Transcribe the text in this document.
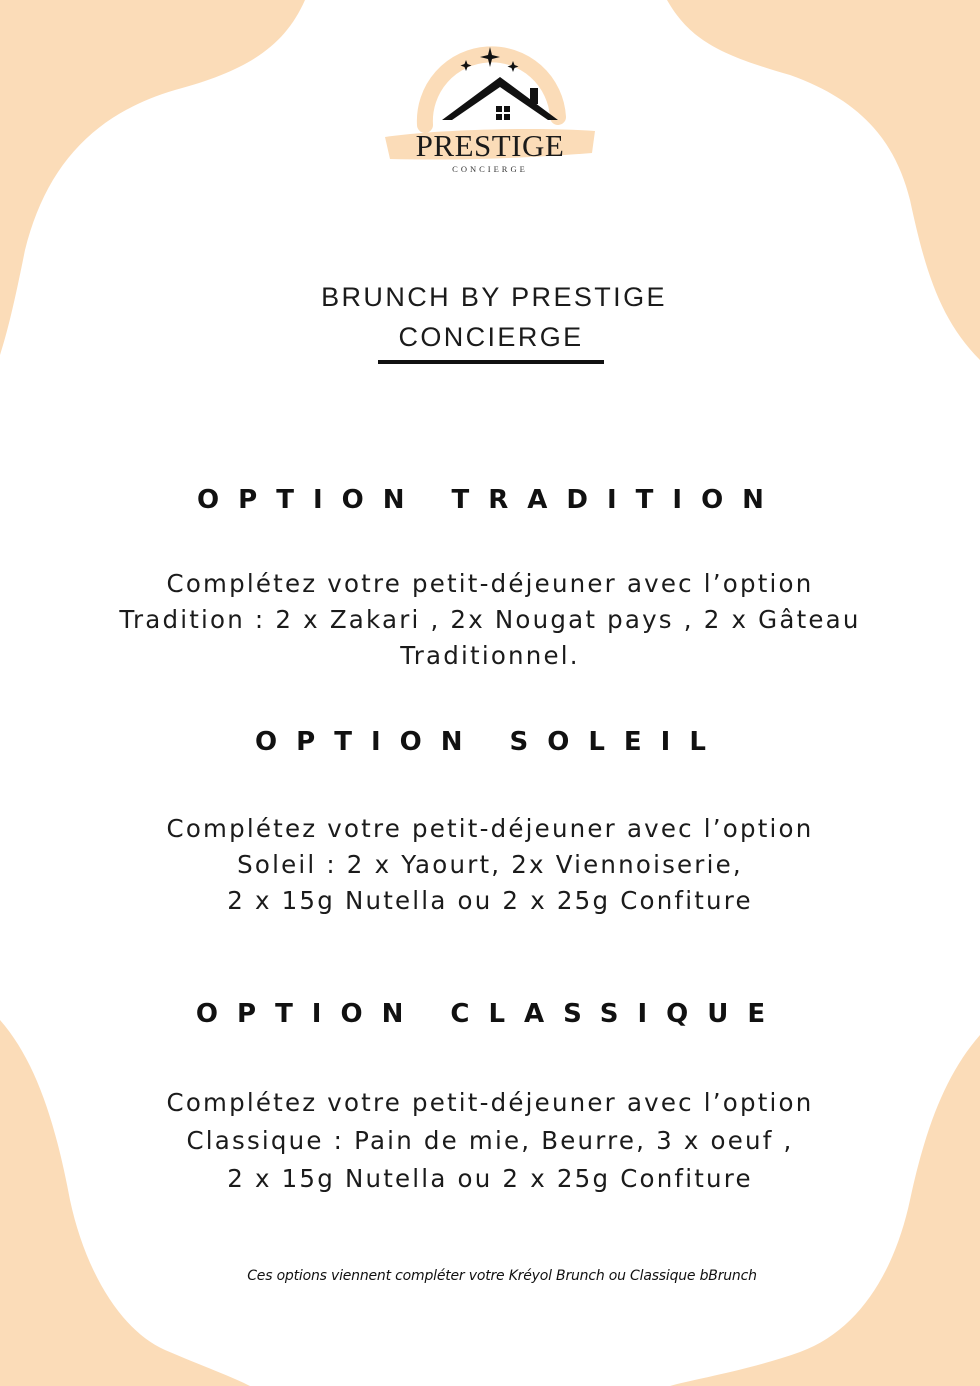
PRESTIGE
CONCIERGE
BRUNCH BY PRESTIGE
CONCIERGE
OPTION TRADITION
Complétez votre petit-déjeuner avec l’option
Tradition : 2 x Zakari , 2x Nougat pays , 2 x Gâteau
Traditionnel.
OPTION SOLEIL
Complétez votre petit-déjeuner avec l’option
Soleil : 2 x Yaourt, 2x Viennoiserie,
2 x 15g Nutella ou 2 x 25g Confiture
OPTION CLASSIQUE
Complétez votre petit-déjeuner avec l’option
Classique : Pain de mie, Beurre, 3 x oeuf ,
2 x 15g Nutella ou 2 x 25g Confiture
Ces options viennent compléter votre Kréyol Brunch ou Classique bBrunch
